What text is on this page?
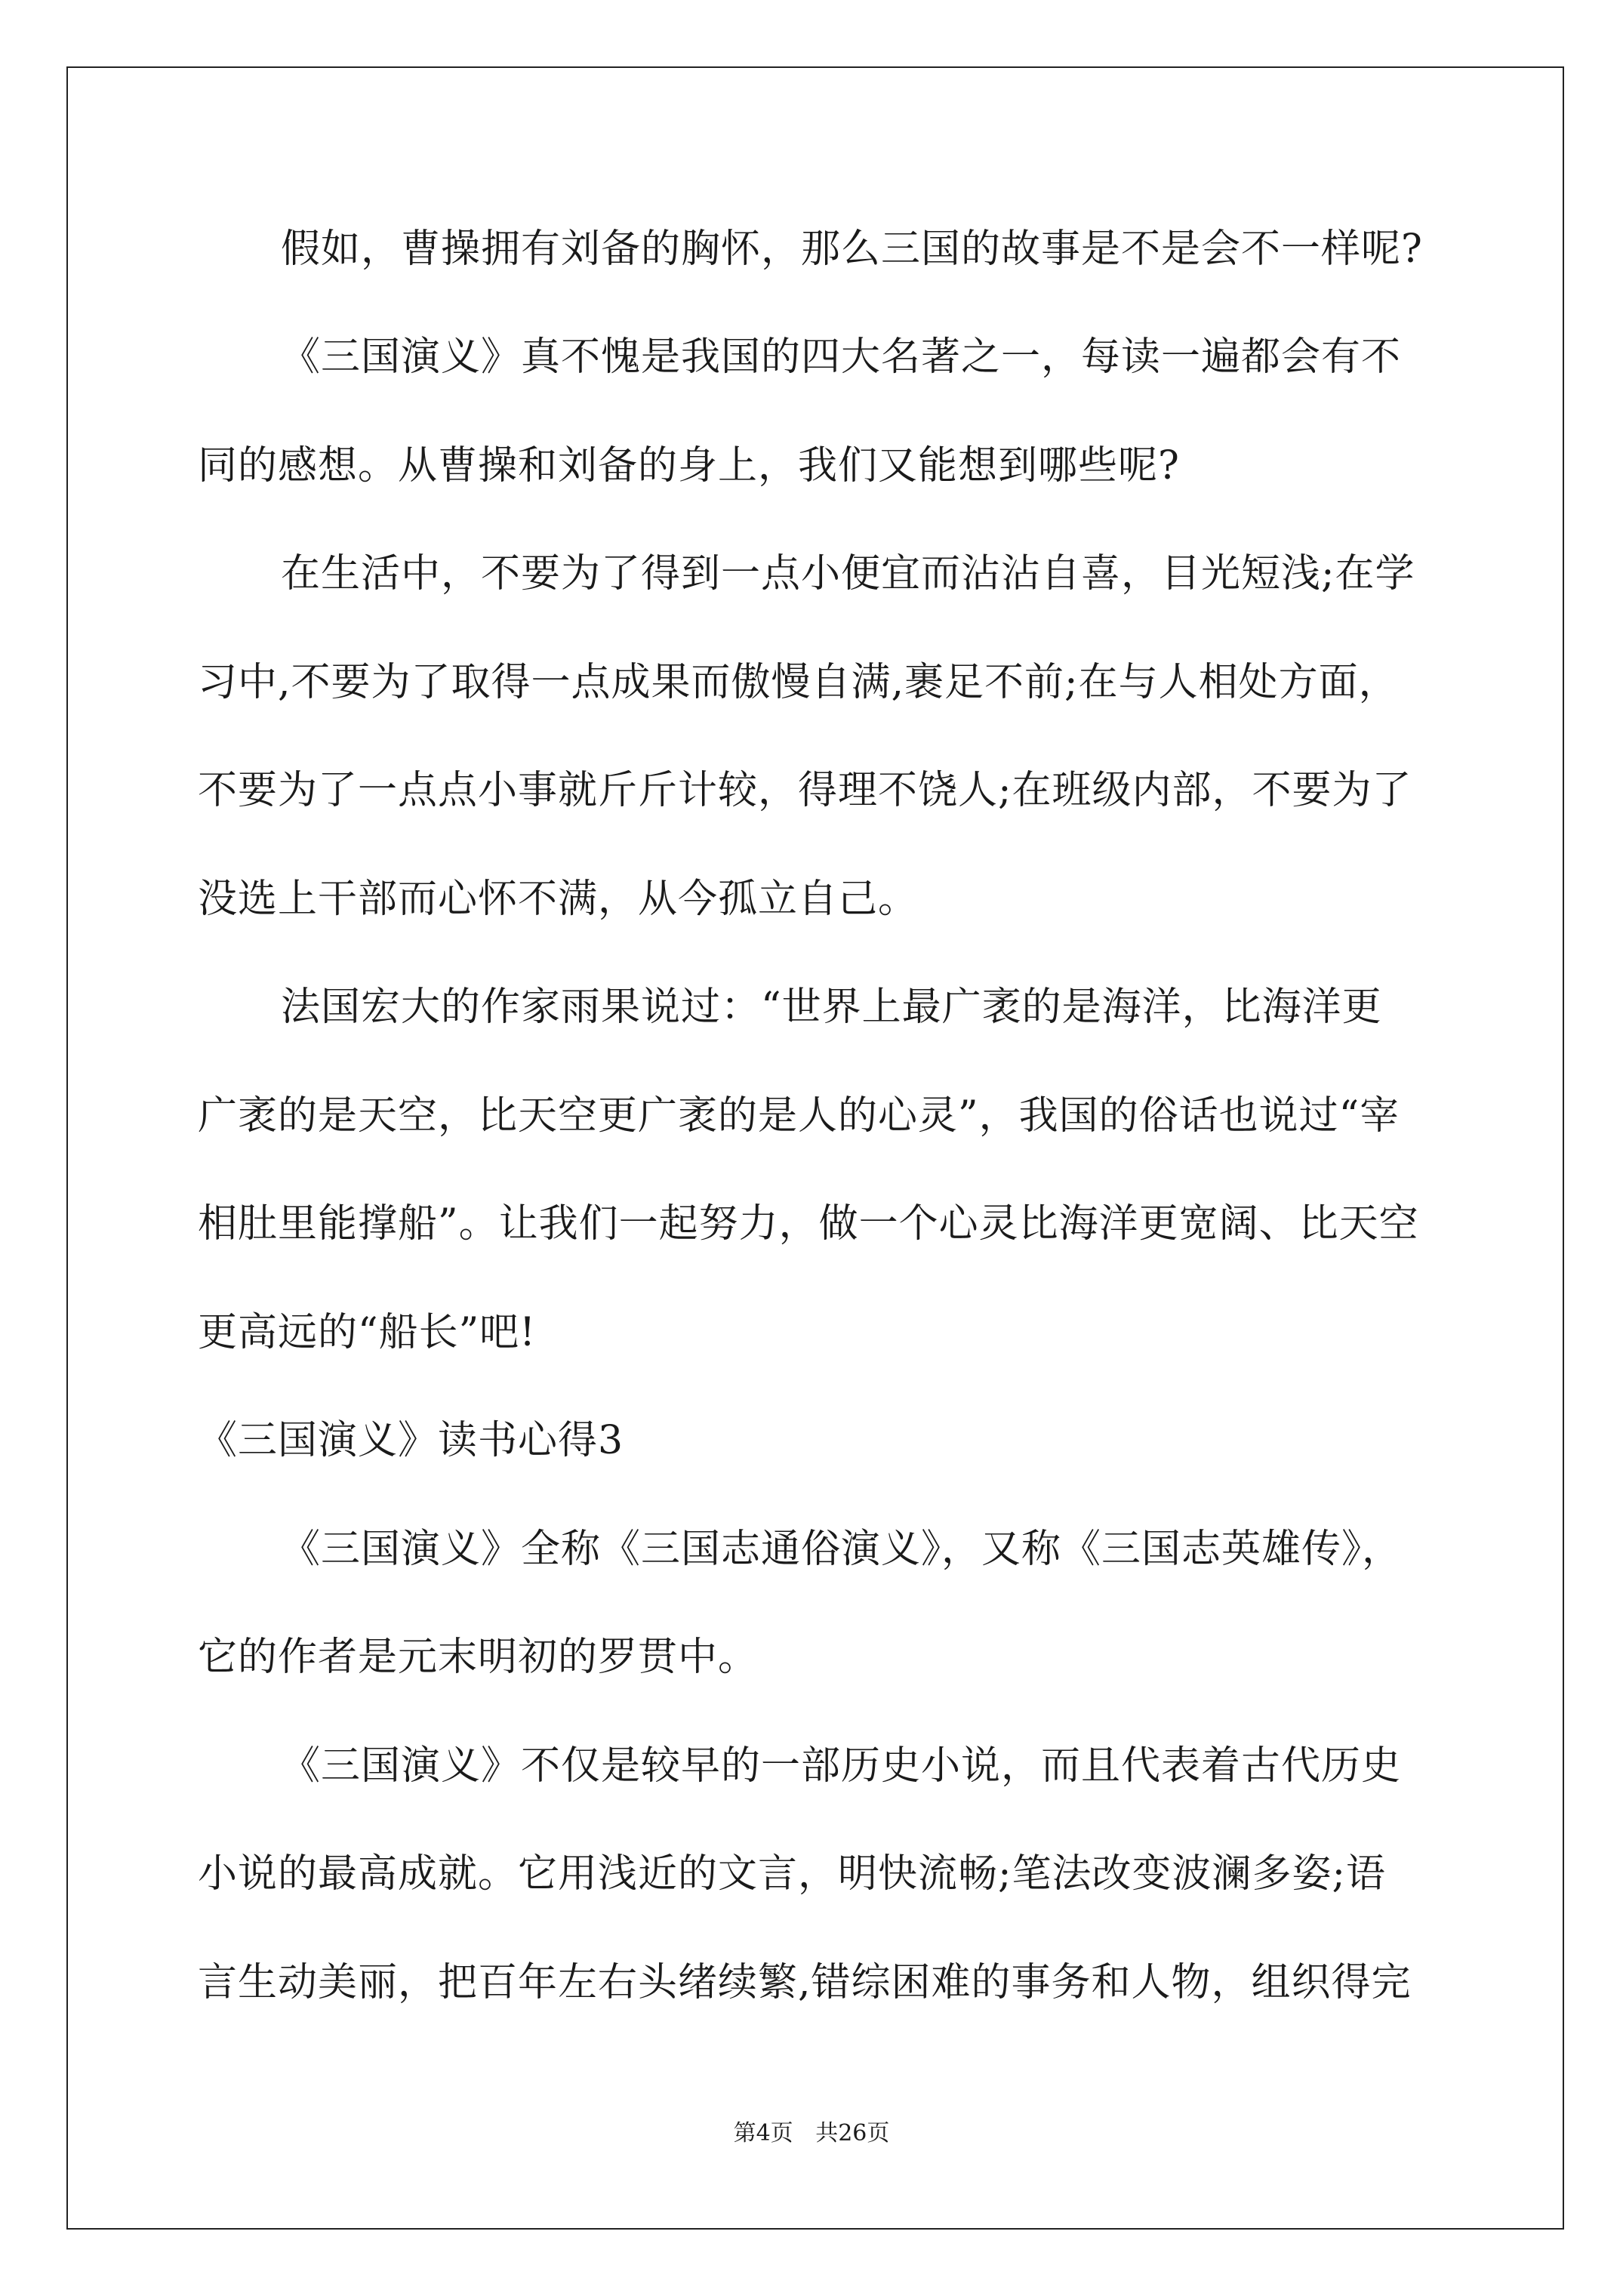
假如，曹操拥有刘备的胸怀，那么三国的故事是不是会不一样呢?
《三国演义》真不愧是我国的四大名著之一，每读一遍都会有不
同的感想。从曹操和刘备的身上，我们又能想到哪些呢?
在生活中，不要为了得到一点小便宜而沾沾自喜，目光短浅;在学
习中,不要为了取得一点成果而傲慢自满,裹足不前;在与人相处方面，
不要为了一点点小事就斤斤计较，得理不饶人;在班级内部，不要为了
没选上干部而心怀不满，从今孤立自己。
法国宏大的作家雨果说过：“世界上最广袤的是海洋，比海洋更
广袤的是天空，比天空更广袤的是人的心灵”，我国的俗话也说过“宰
相肚里能撑船”。让我们一起努力，做一个心灵比海洋更宽阔、比天空
更高远的“船长”吧!
《三国演义》读书心得3
《三国演义》全称《三国志通俗演义》，又称《三国志英雄传》，
它的作者是元末明初的罗贯中。
《三国演义》不仅是较早的一部历史小说，而且代表着古代历史
小说的最高成就。它用浅近的文言，明快流畅;笔法改变波澜多姿;语
言生动美丽，把百年左右头绪续繁,错综困难的事务和人物，组织得完
第4页 共26页
